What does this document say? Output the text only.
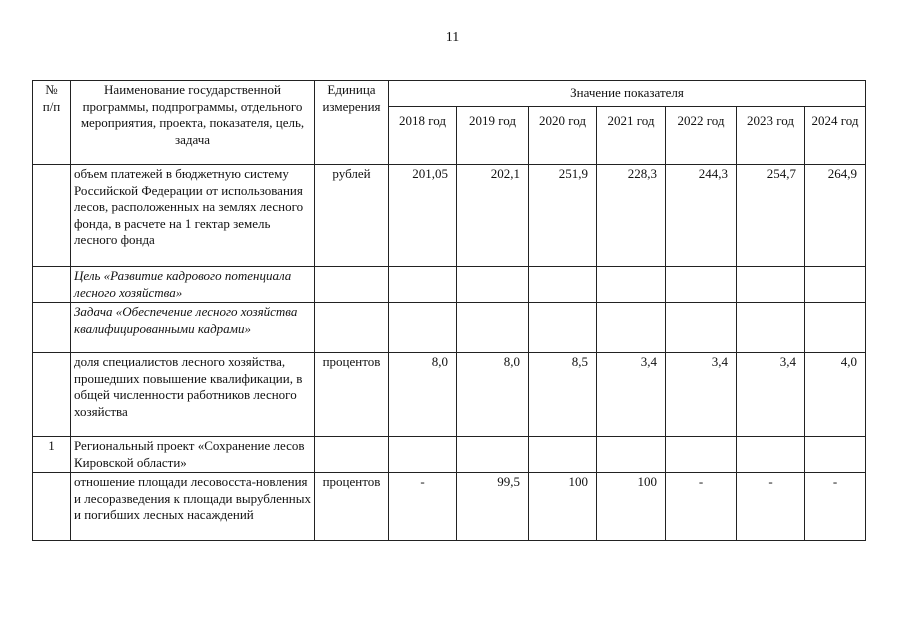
11
№
п/п	Наименование государственной программы, подпрограммы, отдельного мероприятия, проекта, показателя, цель, задача	Единица измерения	Значение показателя						
			2018 год	2019 год	2020 год	2021 год	2022 год	2023 год	2024 год
	объем платежей в бюджетную систему Российской Федерации от использования лесов, расположенных на землях лесного фонда, в расчете на 1 гектар земель лесного фонда	рублей	201,05	202,1	251,9	228,3	244,3	254,7	264,9
	Цель «Развитие кадрового потенциала лесного хозяйства»								
	Задача «Обеспечение лесного хозяйства квалифицированными кадрами»								
	доля специалистов лесного хозяйства, прошедших повышение квалификации, в общей численности работников лесного хозяйства	процентов	8,0	8,0	8,5	3,4	3,4	3,4	4,0
1	Региональный проект «Сохранение лесов Кировской области»								
	отношение площади лесовосста-новления и лесоразведения к площади вырубленных и погибших лесных насаждений	процентов	-	99,5	100	100	-	-	-
